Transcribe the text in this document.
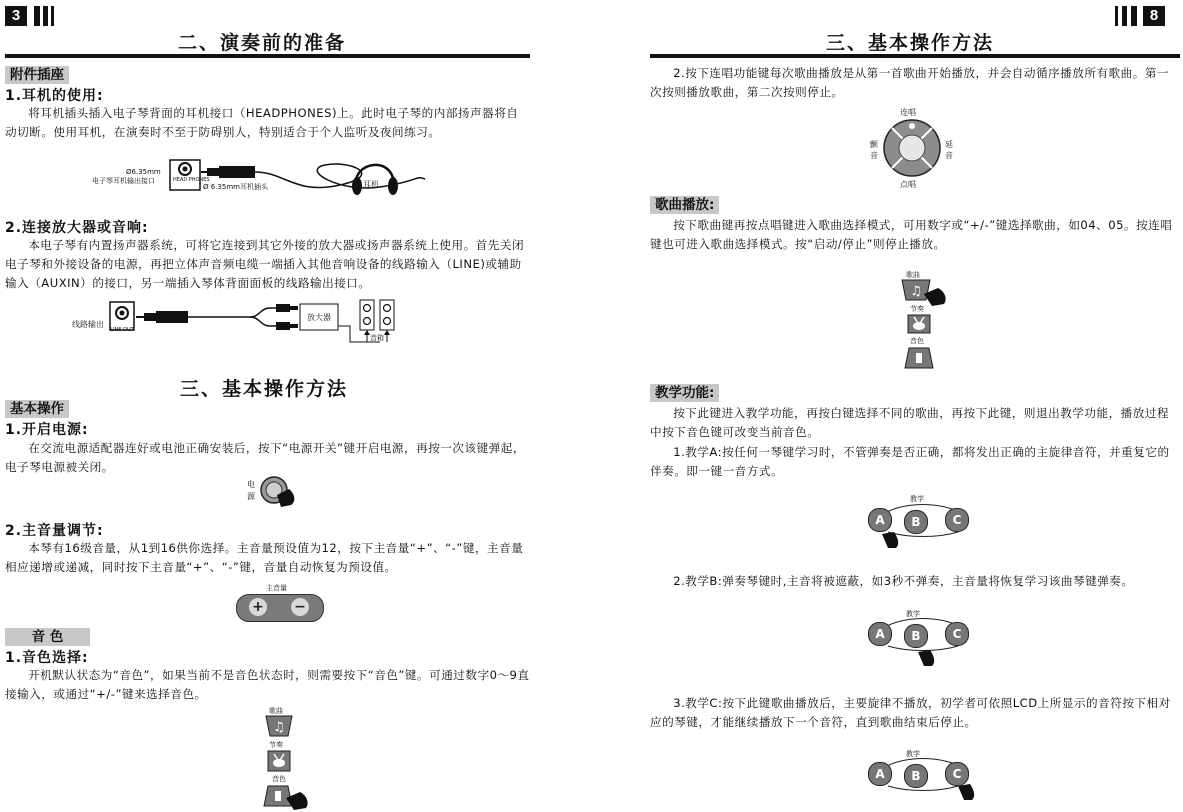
3
二、演奏前的准备
附件插座
1.耳机的使用:
将耳机插头插入电子琴背面的耳机接口（HEADPHONES)上。此时电子琴的内部扬声器将自动切断。使用耳机，在演奏时不至于防碍别人，特别适合于个人监听及夜间练习。
Ø6.35mm
电子琴耳机输出接口	HEAD PHONES
Ø 6.35mm耳机插头	耳机
2.连接放大器或音响:
本电子琴有内置扬声器系统，可将它连接到其它外接的放大器或扬声器系统上使用。首先关闭电子琴和外接设备的电源，再把立体声音频电缆一端插入其他音响设备的线路输入（LINE)或辅助输入（AUXIN）的接口，另一端插入琴体背面面板的线路输出接口。
线路输出
LINE OUT
放大器
音箱
三、基本操作方法
基本操作
1.开启电源:
在交流电源适配器连好或电池正确安装后，按下“电源开关”键开启电源，再按一次该键弹起，电子琴电源被关闭。
电
源
2.主音量调节:
本琴有16级音量，从1到16供你选择。主音量预设值为12，按下主音量“+”、“-”键，主音量相应递增或递减，同时按下主音量“+”、“-”键，音量自动恢复为预设值。
主音量
+ −
音 色
1.音色选择:
开机默认状态为“音色”，如果当前不是音色状态时，则需要按下“音色”键。可通过数字0～9直接输入，或通过“+/-”键来选择音色。
歌曲
♫
节奏
音色
8
三、基本操作方法
2.按下连唱功能键每次歌曲播放是从第一首歌曲开始播放，并会自动循序播放所有歌曲。第一次按则播放歌曲，第二次按则停止。
连唱
颤
音
延
音
点唱
歌曲播放:
按下歌曲键再按点唱键进入歌曲选择模式，可用数字或“+/-”键选择歌曲，如04、05。按连唱键也可进入歌曲选择模式。按“启动/停止”则停止播放。
歌曲
♫
节奏
音色
教学功能:
按下此键进入教学功能，再按白键选择不同的歌曲，再按下此键，则退出教学功能，播放过程中按下音色键可改变当前音色。
1.教学A:按任何一琴键学习时，不管弹奏是否正确，都将发出正确的主旋律音符，并重复它的伴奏。即一键一音方式。
教学
A	B	C
2.教学B:弹奏琴键时,主音将被遮蔽，如3秒不弹奏，主音量将恢复学习该曲琴键弹奏。
教学
A	B	C
3.教学C:按下此键歌曲播放后，主要旋律不播放，初学者可依照LCD上所显示的音符按下相对应的琴键，才能继续播放下一个音符，直到歌曲结束后停止。
教学
A	B	C
